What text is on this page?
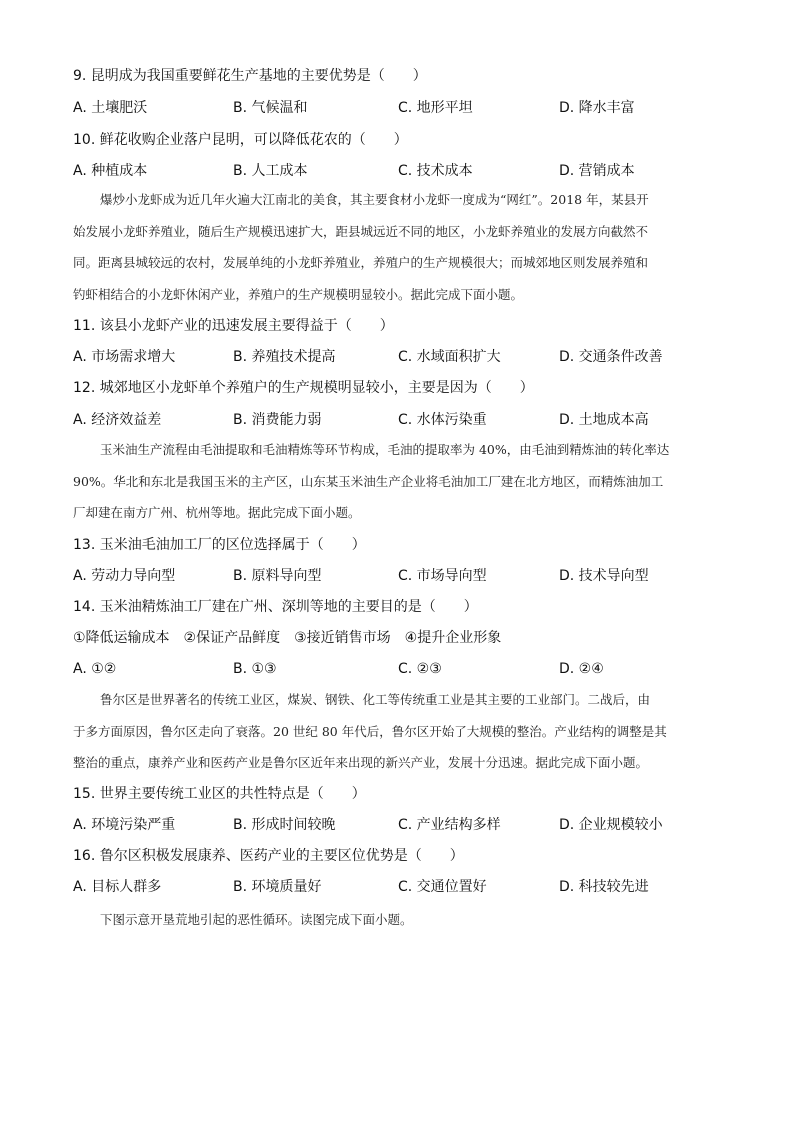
9. 昆明成为我国重要鲜花生产基地的主要优势是（　　）
A. 土壤肥沃	B. 气候温和	C. 地形平坦	D. 降水丰富
10. 鲜花收购企业落户昆明，可以降低花农的（　　）
A. 种植成本	B. 人工成本	C. 技术成本	D. 营销成本
爆炒小龙虾成为近几年火遍大江南北的美食，其主要食材小龙虾一度成为“网红”。2018 年，某县开
始发展小龙虾养殖业，随后生产规模迅速扩大，距县城远近不同的地区，小龙虾养殖业的发展方向截然不
同。距离县城较远的农村，发展单纯的小龙虾养殖业，养殖户的生产规模很大；而城郊地区则发展养殖和
钓虾相结合的小龙虾休闲产业，养殖户的生产规模明显较小。据此完成下面小题。
11. 该县小龙虾产业的迅速发展主要得益于（　　）
A. 市场需求增大	B. 养殖技术提高	C. 水域面积扩大	D. 交通条件改善
12. 城郊地区小龙虾单个养殖户的生产规模明显较小，主要是因为（　　）
A. 经济效益差	B. 消费能力弱	C. 水体污染重	D. 土地成本高
玉米油生产流程由毛油提取和毛油精炼等环节构成，毛油的提取率为 40%，由毛油到精炼油的转化率达
90%。华北和东北是我国玉米的主产区，山东某玉米油生产企业将毛油加工厂建在北方地区，而精炼油加工
厂却建在南方广州、杭州等地。据此完成下面小题。
13. 玉米油毛油加工厂的区位选择属于（　　）
A. 劳动力导向型	B. 原料导向型	C. 市场导向型	D. 技术导向型
14. 玉米油精炼油工厂建在广州、深圳等地的主要目的是（　　）
①降低运输成本　②保证产品鲜度　③接近销售市场　④提升企业形象
A. ①②	B. ①③	C. ②③	D. ②④
鲁尔区是世界著名的传统工业区，煤炭、钢铁、化工等传统重工业是其主要的工业部门。二战后，由
于多方面原因，鲁尔区走向了衰落。20 世纪 80 年代后，鲁尔区开始了大规模的整治。产业结构的调整是其
整治的重点，康养产业和医药产业是鲁尔区近年来出现的新兴产业，发展十分迅速。据此完成下面小题。
15. 世界主要传统工业区的共性特点是（　　）
A. 环境污染严重	B. 形成时间较晚	C. 产业结构多样	D. 企业规模较小
16. 鲁尔区积极发展康养、医药产业的主要区位优势是（　　）
A. 目标人群多	B. 环境质量好	C. 交通位置好	D. 科技较先进
下图示意开垦荒地引起的恶性循环。读图完成下面小题。
